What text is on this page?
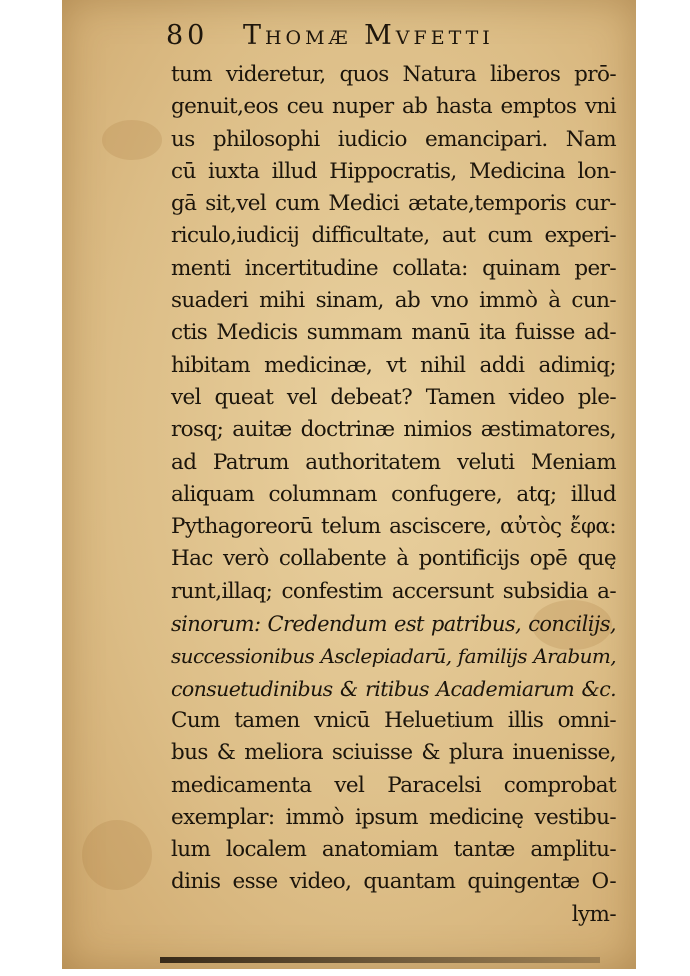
80 Thomæ Mvfetti
tum videretur, quos Natura liberos prō-
genuit,eos ceu nuper ab hasta emptos vni
us philosophi iudicio emancipari. Nam
cū iuxta illud Hippocratis, Medicina lon-
gā sit,vel cum Medici ætate,temporis cur-
riculo,iudicij difficultate, aut cum experi-
menti incertitudine collata: quinam per-
suaderi mihi sinam, ab vno immò à cun-
ctis Medicis summam manū ita fuisse ad-
hibitam medicinæ, vt nihil addi adimiq;
vel queat vel debeat? Tamen video ple-
rosq; auitæ doctrinæ nimios æstimatores,
ad Patrum authoritatem veluti Meniam
aliquam columnam confugere, atq; illud
Pythagoreorū telum asciscere, αὐτὸς ἔφα:
Hac verò collabente à pontificijs opē quę
runt,illaq; confestim accersunt subsidia a-
sinorum: Credendum est patribus, concilijs,
successionibus Asclepiadarū, familijs Arabum,
consuetudinibus & ritibus Academiarum &c.
Cum tamen vnicū Heluetium illis omni-
bus & meliora sciuisse & plura inuenisse,
medicamenta vel Paracelsi comprobat
exemplar: immò ipsum medicinę vestibu-
lum localem anatomiam tantæ amplitu-
dinis esse video, quantam quingentæ O-
lym-
